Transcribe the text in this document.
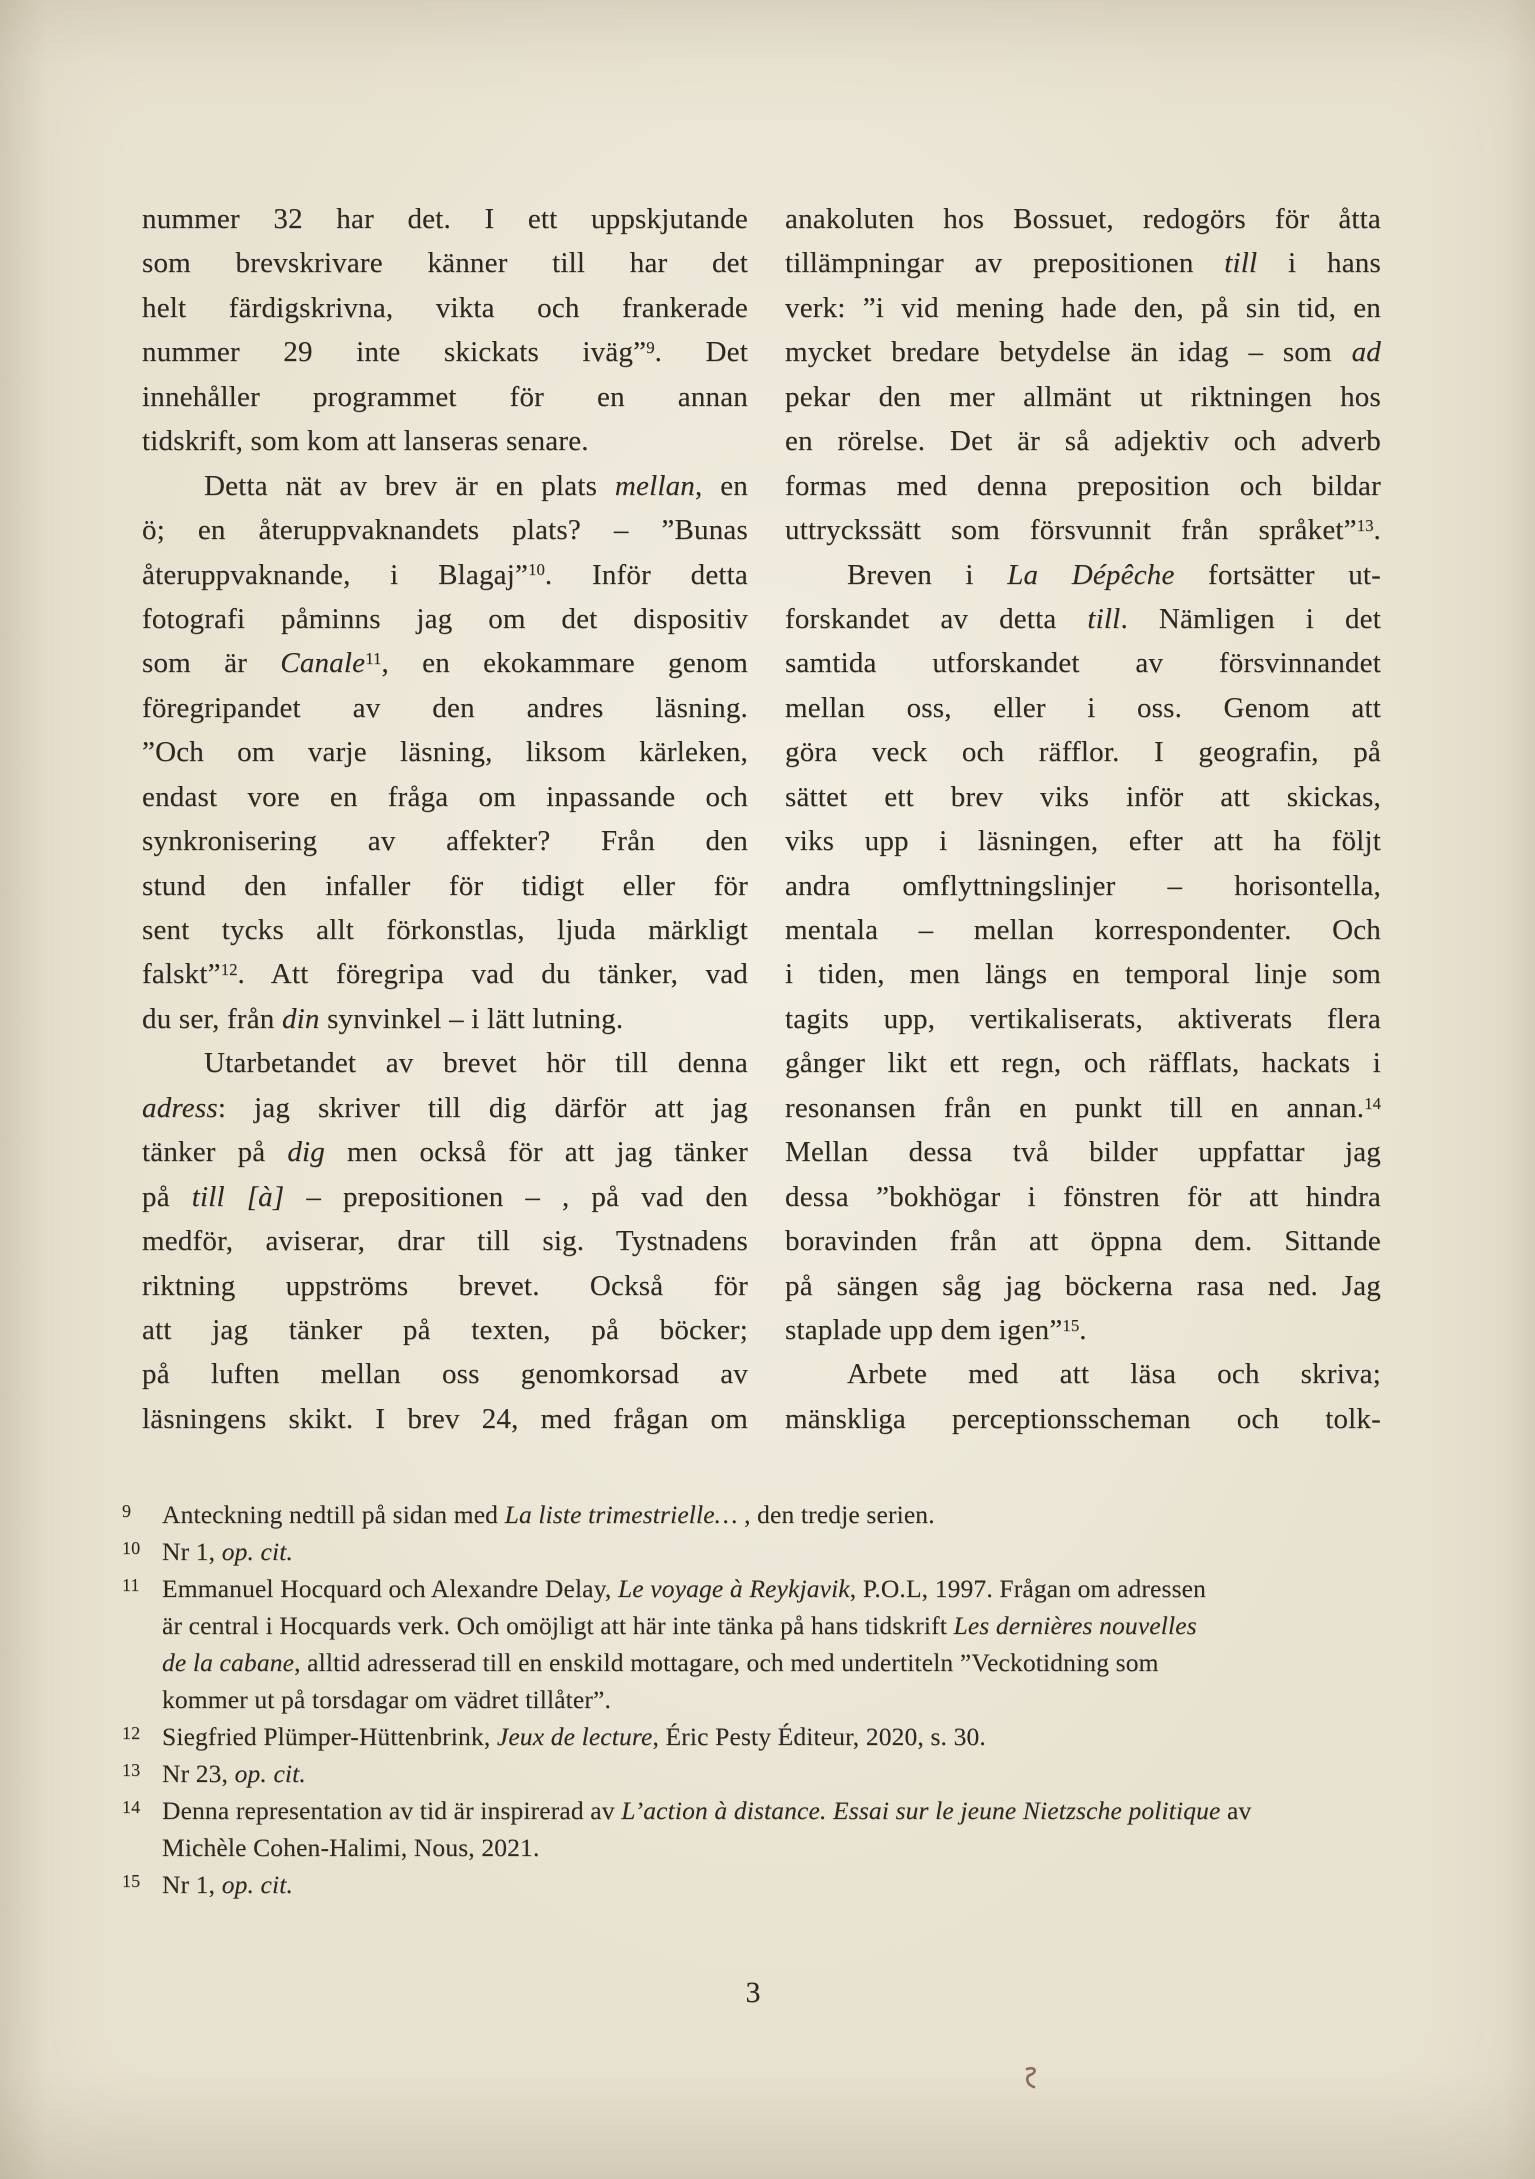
nummer 32 har det. I ett uppskjutande
som brevskrivare känner till har det
helt färdigskrivna, vikta och frankerade
nummer 29 inte skickats iväg”$^9$. Det
innehåller programmet för en annan
tidskrift, som kom att lanseras senare.
Detta nät av brev är en plats mellan, en
ö; en återuppvaknandets plats? – ”Bunas
återuppvaknande, i Blagaj”$^{10}$. Inför detta
fotografi påminns jag om det dispositiv
som är Canale$^{11}$, en ekokammare genom
föregripandet av den andres läsning.
”Och om varje läsning, liksom kärleken,
endast vore en fråga om inpassande och
synkronisering av affekter? Från den
stund den infaller för tidigt eller för
sent tycks allt förkonstlas, ljuda märkligt
falskt”$^{12}$. Att föregripa vad du tänker, vad
du ser, från din synvinkel – i lätt lutning.
Utarbetandet av brevet hör till denna
adress: jag skriver till dig därför att jag
tänker på dig men också för att jag tänker
på till [à] – prepositionen – , på vad den
medför, aviserar, drar till sig. Tystnadens
riktning uppströms brevet. Också för
att jag tänker på texten, på böcker;
på luften mellan oss genomkorsad av
läsningens skikt. I brev 24, med frågan om
anakoluten hos Bossuet, redogörs för åtta
tillämpningar av prepositionen till i hans
verk: ”i vid mening hade den, på sin tid, en
mycket bredare betydelse än idag – som ad
pekar den mer allmänt ut riktningen hos
en rörelse. Det är så adjektiv och adverb
formas med denna preposition och bildar
uttryckssätt som försvunnit från språket”$^{13}$.
Breven i La Dépêche fortsätter ut-
forskandet av detta till. Nämligen i det
samtida utforskandet av försvinnandet
mellan oss, eller i oss. Genom att
göra veck och räfflor. I geografin, på
sättet ett brev viks inför att skickas,
viks upp i läsningen, efter att ha följt
andra omflyttningslinjer – horisontella,
mentala – mellan korrespondenter. Och
i tiden, men längs en temporal linje som
tagits upp, vertikaliserats, aktiverats flera
gånger likt ett regn, och räfflats, hackats i
resonansen från en punkt till en annan.$^{14}$
Mellan dessa två bilder uppfattar jag
dessa ”bokhögar i fönstren för att hindra
boravinden från att öppna dem. Sittande
på sängen såg jag böckerna rasa ned. Jag
staplade upp dem igen”$^{15}$.
Arbete med att läsa och skriva;
mänskliga perceptionsscheman och tolk-
9	Anteckning nedtill på sidan med La liste trimestrielle… , den tredje serien.
10 Nr 1, op. cit.
11 Emmanuel Hocquard och Alexandre Delay, Le voyage à Reykjavik, P.O.L, 1997. Frågan om adressen
är central i Hocquards verk. Och omöjligt att här inte tänka på hans tidskrift Les dernières nouvelles
de la cabane, alltid adresserad till en enskild mottagare, och med undertiteln ”Veckotidning som
kommer ut på torsdagar om vädret tillåter”.
12 Siegfried Plümper-Hüttenbrink, Jeux de lecture, Éric Pesty Éditeur, 2020, s. 30.
13 Nr 23, op. cit.
14 Denna representation av tid är inspirerad av L’action à distance. Essai sur le jeune Nietzsche politique av
Michèle Cohen-Halimi, Nous, 2021.
15 Nr 1, op. cit.
3
